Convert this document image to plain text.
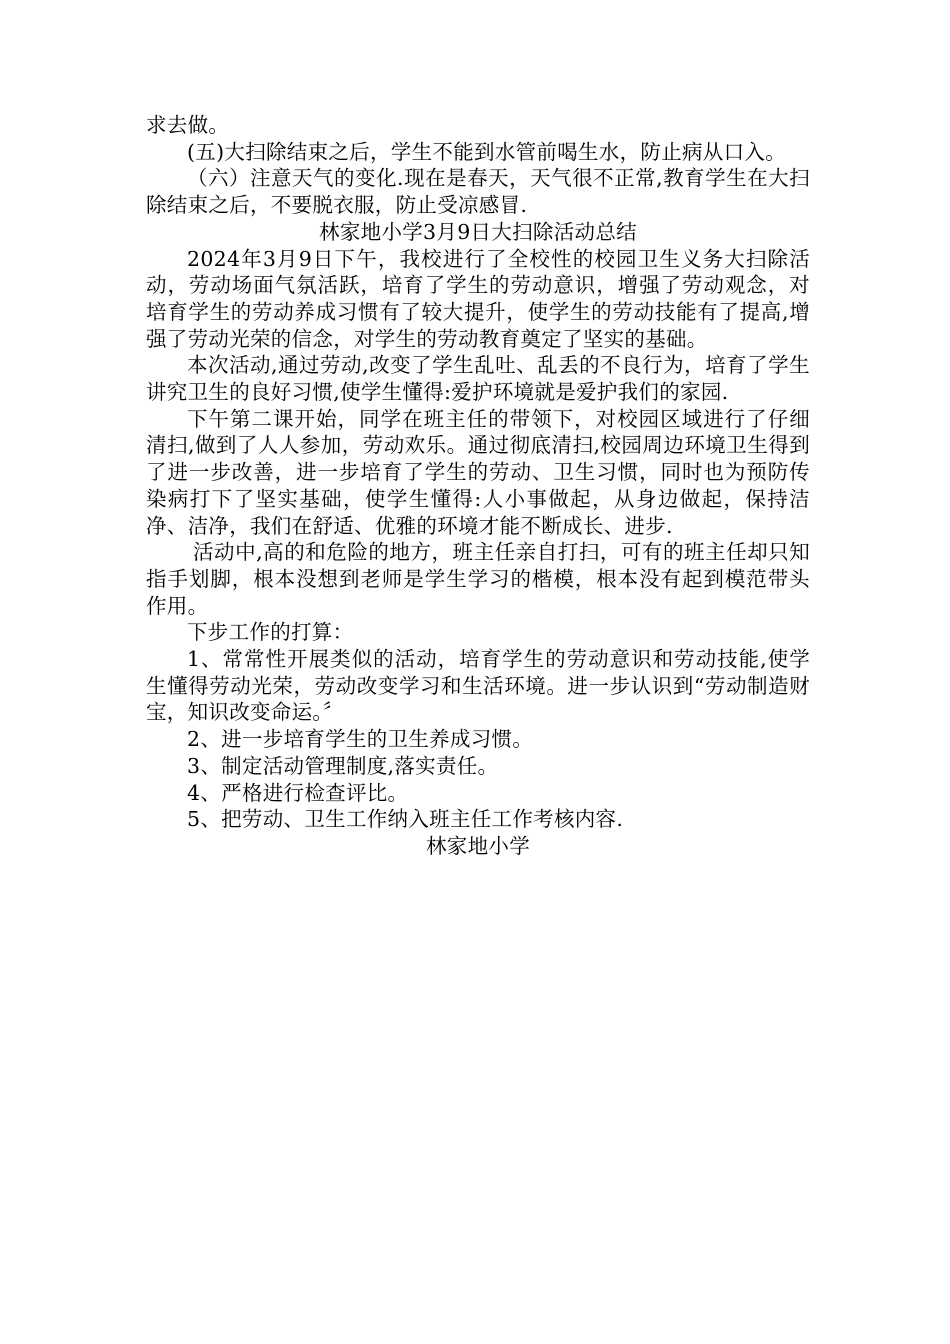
求去做。

(五)大扫除结束之后，学生不能到水管前喝生水，防止病从口入。

（六）注意天气的变化.现在是春天，天气很不正常,教育学生在大扫除结束之后，不要脱衣服，防止受凉感冒.

林家地小学3月9日大扫除活动总结

2024年3月9日下午，我校进行了全校性的校园卫生义务大扫除活动，劳动场面气氛活跃，培育了学生的劳动意识，增强了劳动观念，对培育学生的劳动养成习惯有了较大提升，使学生的劳动技能有了提高,增强了劳动光荣的信念，对学生的劳动教育奠定了坚实的基础。

本次活动,通过劳动,改变了学生乱吐、乱丢的不良行为，培育了学生讲究卫生的良好习惯,使学生懂得:爱护环境就是爱护我们的家园.

下午第二课开始，同学在班主任的带领下，对校园区域进行了仔细清扫,做到了人人参加，劳动欢乐。通过彻底清扫,校园周边环境卫生得到了进一步改善，进一步培育了学生的劳动、卫生习惯，同时也为预防传染病打下了坚实基础，使学生懂得:人小事做起，从身边做起，保持洁净、洁净，我们在舒适、优雅的环境才能不断成长、进步.

活动中,高的和危险的地方，班主任亲自打扫，可有的班主任却只知指手划脚，根本没想到老师是学生学习的楷模，根本没有起到模范带头作用。

下步工作的打算：

1、常常性开展类似的活动，培育学生的劳动意识和劳动技能,使学生懂得劳动光荣，劳动改变学习和生活环境。进一步认识到“劳动制造财宝，知识改变命运。〞

2、进一步培育学生的卫生养成习惯。

3、制定活动管理制度,落实责任。

4、严格进行检查评比。

5、把劳动、卫生工作纳入班主任工作考核内容.

林家地小学
